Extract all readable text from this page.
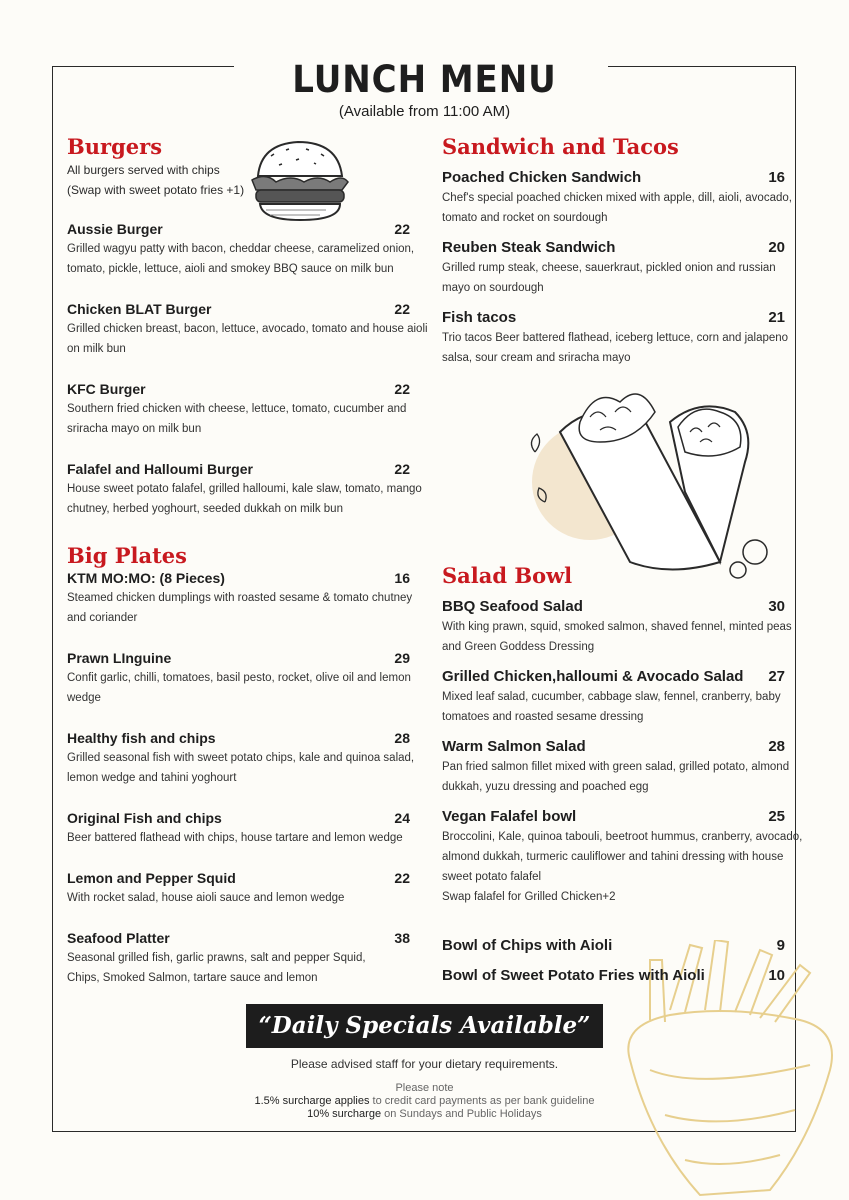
LUNCH MENU
(Available from 11:00 AM)
Burgers
All burgers served with chips
(Swap with sweet potato fries +1)
Aussie Burger	22
Grilled wagyu patty with bacon, cheddar cheese, caramelized onion,
tomato, pickle, lettuce, aioli and smokey BBQ sauce on milk bun
Chicken BLAT Burger	22
Grilled chicken breast, bacon, lettuce, avocado, tomato and house aioli
on milk bun
KFC Burger	22
Southern fried chicken with cheese, lettuce, tomato, cucumber and
sriracha mayo on milk bun
Falafel and Halloumi Burger	22
House sweet potato falafel, grilled halloumi, kale slaw, tomato, mango
chutney, herbed yoghourt, seeded dukkah on milk bun
Big Plates
KTM MO:MO: (8 Pieces)	16
Steamed chicken dumplings with roasted sesame & tomato chutney
and coriander
Prawn LInguine	29
Confit garlic, chilli, tomatoes, basil pesto, rocket, olive oil and lemon
wedge
Healthy fish and chips	28
Grilled seasonal fish with sweet potato chips, kale and quinoa salad,
lemon wedge and tahini yoghourt
Original Fish and chips	24
Beer battered flathead with chips, house tartare and lemon wedge
Lemon and Pepper Squid	22
With rocket salad, house aioli sauce and lemon wedge
Seafood Platter	38
Seasonal grilled fish, garlic prawns, salt and pepper Squid,
Chips, Smoked Salmon, tartare sauce and lemon
Sandwich and Tacos
Poached Chicken Sandwich	16
Chef's special poached chicken mixed with apple, dill, aioli, avocado,
tomato and rocket on sourdough
Reuben Steak Sandwich	20
Grilled rump steak, cheese, sauerkraut, pickled onion and russian
mayo on sourdough
Fish tacos	21
Trio tacos Beer battered flathead, iceberg lettuce, corn and jalapeno
salsa, sour cream and sriracha mayo
Salad Bowl
BBQ Seafood Salad	30
With king prawn, squid, smoked salmon, shaved fennel, minted peas
and Green Goddess Dressing
Grilled Chicken,halloumi & Avocado Salad 27
Mixed leaf salad, cucumber, cabbage slaw, fennel, cranberry, baby
tomatoes and roasted sesame dressing
Warm Salmon Salad	28
Pan fried salmon fillet mixed with green salad, grilled potato, almond
dukkah, yuzu dressing and poached egg
Vegan Falafel bowl	25
Broccolini, Kale, quinoa tabouli, beetroot hummus, cranberry, avocado,
almond dukkah, turmeric cauliflower and tahini dressing with house
sweet potato falafel
Swap falafel for Grilled Chicken+2
Bowl of Chips with Aioli	9
Bowl of Sweet Potato Fries with Aioli	10
“Daily Specials Available”
Please advised staff for your dietary requirements.
Please note
1.5% surcharge applies to credit card payments as per bank guideline
10% surcharge on Sundays and Public Holidays
